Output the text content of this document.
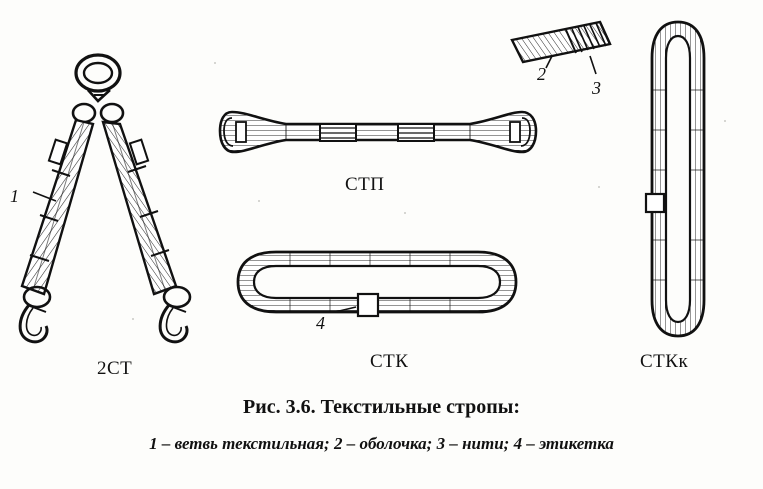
1
2
3
4
2СТ
СТП
СТК	СТКк
Рис. 3.6. Текстильные стропы:
1 – ветвь текстильная; 2 – оболочка; 3 – нити; 4 – этикетка
